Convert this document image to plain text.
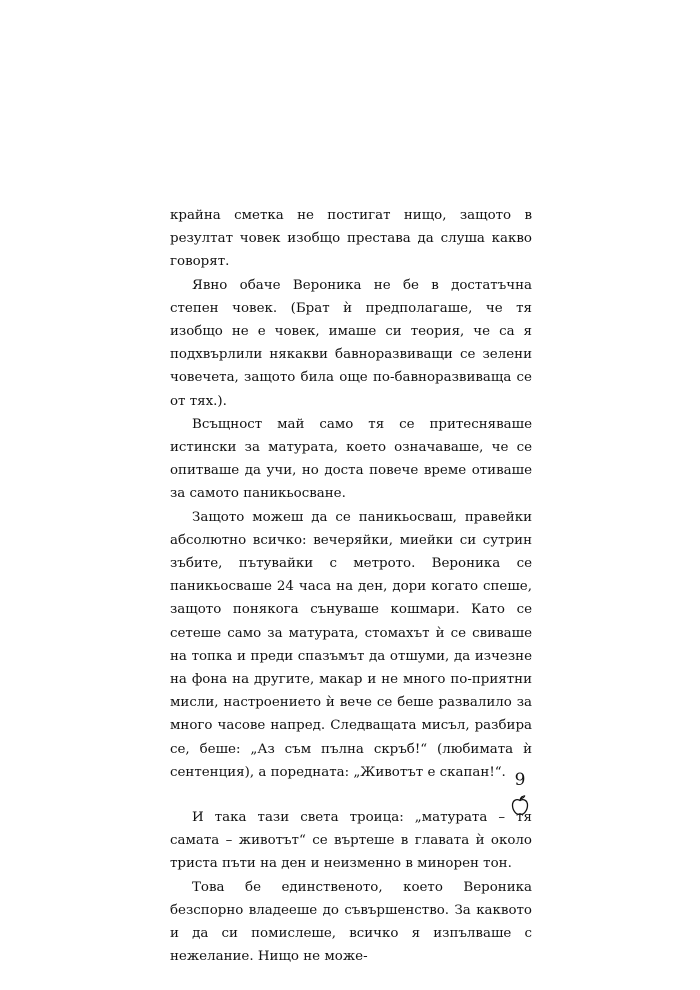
крайна сметка не постигат нищо, защото в резултат човек изобщо престава да слуша какво говорят.

Явно обаче Вероника не бе в достатъчна степен човек. (Брат ѝ предполагаше, че тя изобщо не е човек, имаше си теория, че са я подхвърлили някакви бавноразвиващи се зелени човечета, защото била още по-бавноразвиваща се от тях.).

Всъщност май само тя се притесняваше истински за матурата, което означаваше, че се опитваше да учи, но доста повече време отиваше за самото паникьосване.

Защото можеш да се паникьосваш, правейки абсолютно всичко: вечеряйки, миейки си сутрин зъбите, пътувайки с метрото. Вероника се паникьосваше 24 часа на ден, дори когато спеше, защото понякога сънуваше кошмари. Като се сетеше само за матурата, стомахът ѝ се свиваше на топка и преди спазъмът да отшуми, да изчезне на фона на другите, макар и не много по-приятни мисли, настроението ѝ вече се беше развалило за много часове напред. Следващата мисъл, разбира се, беше: „Аз съм пълна скръб!“ (любимата ѝ сентенция), а поредната: „Животът е скапан!“.

И така тази света троица: „матурата – тя самата – животът“ се въртеше в главата ѝ около триста пъти на ден и неизменно в минорен тон.

Това бе единственото, което Вероника безспорно владееше до съвършенство. За каквото и да си помислеше, всичко я изпълваше с нежелание. Нищо не може-

9
